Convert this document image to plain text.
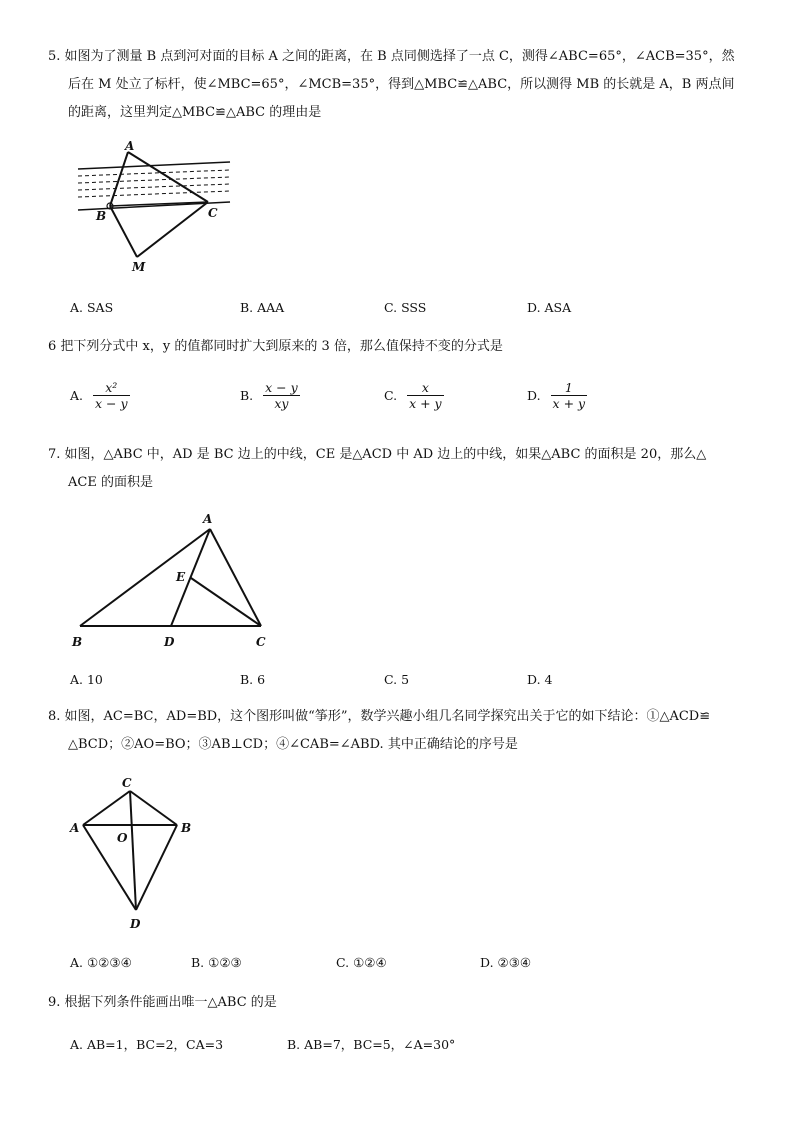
5. 如图为了测量 B 点到河对面的目标 A 之间的距离，在 B 点同侧选择了一点 C，测得∠ABC=65°，∠ACB=35°，然
后在 M 处立了标杆，使∠MBC=65°，∠MCB=35°，得到△MBC≌△ABC，所以测得 MB 的长就是 A，B 两点间
的距离，这里判定△MBC≌△ABC 的理由是
A
B	C
M
A. SAS	B. AAA	C. SSS	D. ASA
6 把下列分式中 x，y 的值都同时扩大到原来的 3 倍，那么值保持不变的分式是
A. $\frac{\text{x²}}{x - y}$	B. $\frac{x - y}{xy}$	C. $\frac{x}{x + y}$	D. $\frac{1}{x + y}$
7. 如图，△ABC 中，AD 是 BC 边上的中线，CE 是△ACD 中 AD 边上的中线，如果△ABC 的面积是 20，那么△
ACE 的面积是
A
B	C
D
E
A. 10	B. 6	C. 5	D. 4
8. 如图，AC=BC，AD=BD，这个图形叫做“筝形”，数学兴趣小组几名同学探究出关于它的如下结论：①△ACD≌
△BCD；②AO=BO；③AB⊥CD；④∠CAB=∠ABD. 其中正确结论的序号是
C
A	B
D
O
A. ①②③④	B. ①②③	C. ①②④	D. ②③④
9. 根据下列条件能画出唯一△ABC 的是
A. AB=1，BC=2，CA=3	B. AB=7，BC=5，∠A=30°
